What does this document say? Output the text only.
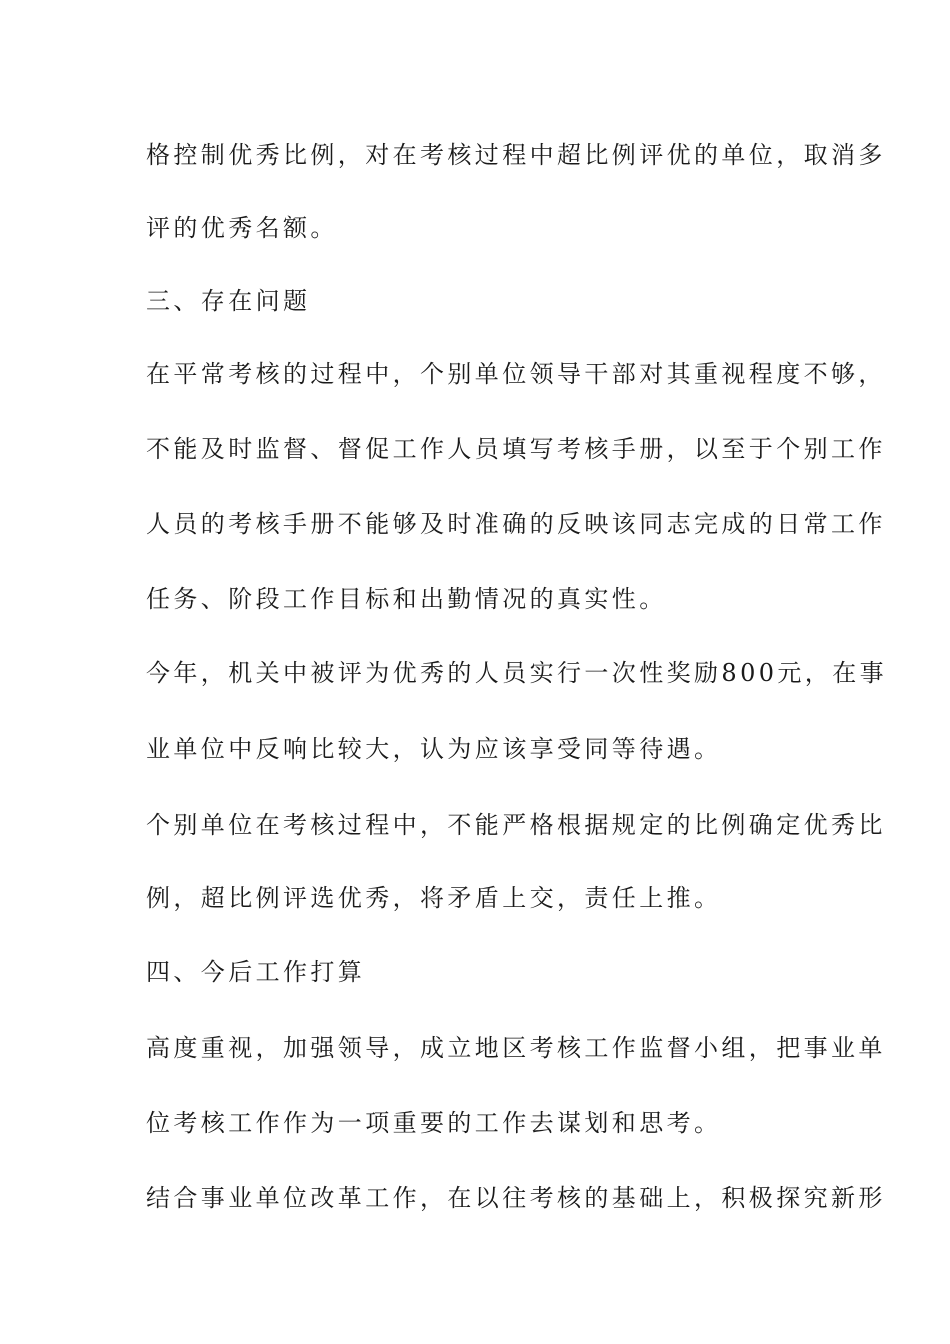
格控制优秀比例，对在考核过程中超比例评优的单位，取消多
评的优秀名额。
三、存在问题
在平常考核的过程中，个别单位领导干部对其重视程度不够，
不能及时监督、督促工作人员填写考核手册，以至于个别工作
人员的考核手册不能够及时准确的反映该同志完成的日常工作
任务、阶段工作目标和出勤情况的真实性。
今年，机关中被评为优秀的人员实行一次性奖励800元，在事
业单位中反响比较大，认为应该享受同等待遇。
个别单位在考核过程中，不能严格根据规定的比例确定优秀比
例，超比例评选优秀，将矛盾上交，责任上推。
四、今后工作打算
高度重视，加强领导，成立地区考核工作监督小组，把事业单
位考核工作作为一项重要的工作去谋划和思考。
结合事业单位改革工作，在以往考核的基础上，积极探究新形
